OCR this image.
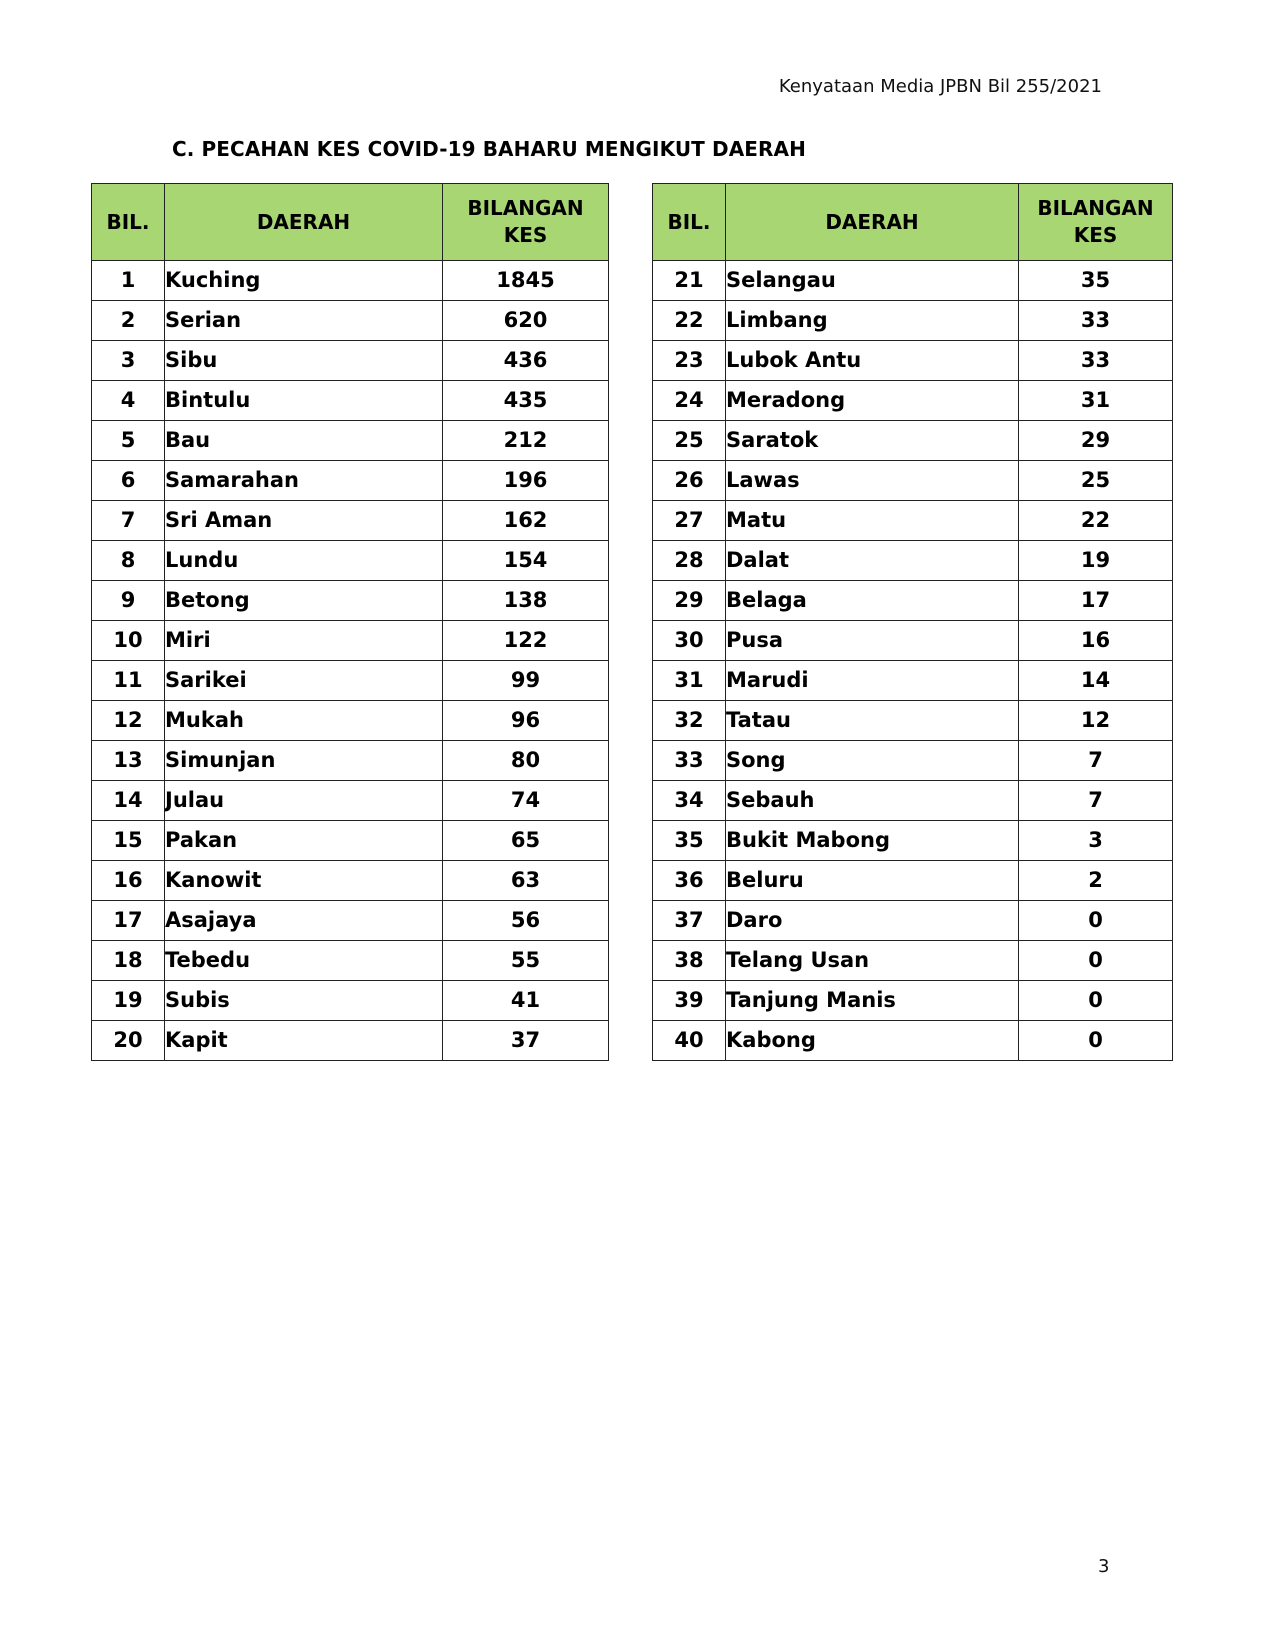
Kenyataan Media JPBN Bil 255/2021
C. PECAHAN KES COVID-19 BAHARU MENGIKUT DAERAH
BIL.	DAERAH	BILANGAN
KES
1	Kuching	1845
2	Serian	620
3	Sibu	436
4	Bintulu	435
5	Bau	212
6	Samarahan	196
7	Sri Aman	162
8	Lundu	154
9	Betong	138
10	Miri	122
11	Sarikei	99
12	Mukah	96
13	Simunjan	80
14	Julau	74
15	Pakan	65
16	Kanowit	63
17	Asajaya	56
18	Tebedu	55
19	Subis	41
20	Kapit	37
BIL.	DAERAH	BILANGAN
KES
21	Selangau	35
22	Limbang	33
23	Lubok Antu	33
24	Meradong	31
25	Saratok	29
26	Lawas	25
27	Matu	22
28	Dalat	19
29	Belaga	17
30	Pusa	16
31	Marudi	14
32	Tatau	12
33	Song	7
34	Sebauh	7
35	Bukit Mabong	3
36	Beluru	2
37	Daro	0
38	Telang Usan	0
39	Tanjung Manis	0
40	Kabong	0
3
